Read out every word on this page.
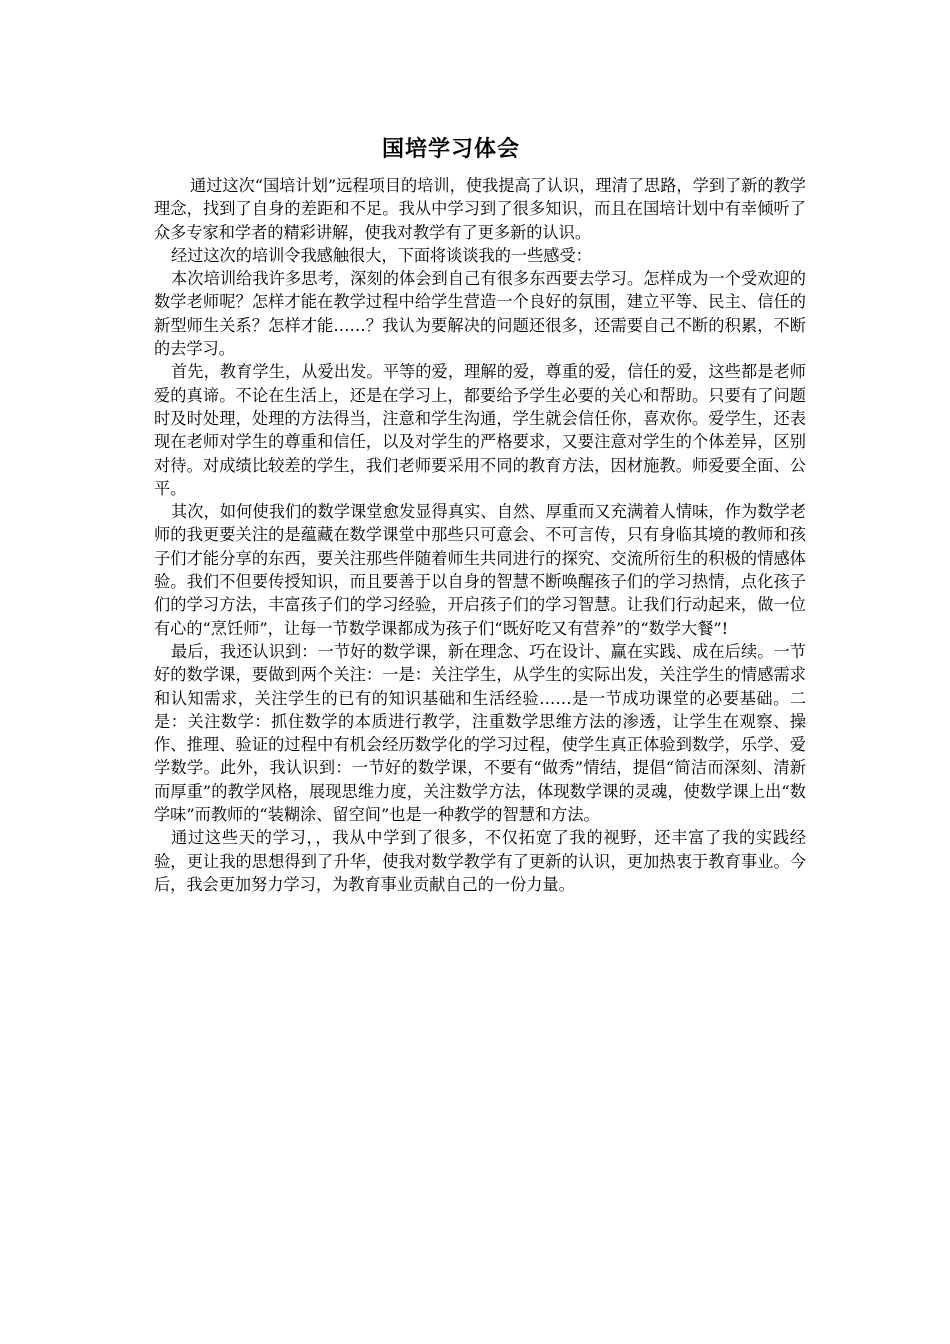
国培学习体会

通过这次“国培计划”远程项目的培训，使我提高了认识，理清了思路，学到了新的教学理念，找到了自身的差距和不足。我从中学习到了很多知识，而且在国培计划中有幸倾听了众多专家和学者的精彩讲解，使我对教学有了更多新的认识。

经过这次的培训令我感触很大，下面将谈谈我的一些感受：

本次培训给我许多思考，深刻的体会到自己有很多东西要去学习。怎样成为一个受欢迎的数学老师呢？怎样才能在教学过程中给学生营造一个良好的氛围，建立平等、民主、信任的新型师生关系？怎样才能……？我认为要解决的问题还很多，还需要自己不断的积累，不断的去学习。

首先，教育学生，从爱出发。平等的爱，理解的爱，尊重的爱，信任的爱，这些都是老师爱的真谛。不论在生活上，还是在学习上，都要给予学生必要的关心和帮助。只要有了问题时及时处理，处理的方法得当，注意和学生沟通，学生就会信任你，喜欢你。爱学生，还表现在老师对学生的尊重和信任，以及对学生的严格要求，又要注意对学生的个体差异，区别对待。对成绩比较差的学生，我们老师要采用不同的教育方法，因材施教。师爱要全面、公平。

其次，如何使我们的数学课堂愈发显得真实、自然、厚重而又充满着人情味，作为数学老师的我更要关注的是蕴藏在数学课堂中那些只可意会、不可言传，只有身临其境的教师和孩子们才能分享的东西，要关注那些伴随着师生共同进行的探究、交流所衍生的积极的情感体验。我们不但要传授知识，而且要善于以自身的智慧不断唤醒孩子们的学习热情，点化孩子们的学习方法，丰富孩子们的学习经验，开启孩子们的学习智慧。让我们行动起来，做一位有心的“烹饪师”，让每一节数学课都成为孩子们“既好吃又有营养”的“数学大餐”!

最后，我还认识到：一节好的数学课，新在理念、巧在设计、赢在实践、成在后续。一节好的数学课，要做到两个关注：一是：关注学生，从学生的实际出发，关注学生的情感需求和认知需求，关注学生的已有的知识基础和生活经验……是一节成功课堂的必要基础。二是：关注数学：抓住数学的本质进行教学，注重数学思维方法的渗透，让学生在观察、操作、推理、验证的过程中有机会经历数学化的学习过程，使学生真正体验到数学，乐学、爱学数学。此外，我认识到：一节好的数学课，不要有“做秀”情结，提倡“简洁而深刻、清新而厚重”的教学风格，展现思维力度，关注数学方法，体现数学课的灵魂，使数学课上出“数学味”而教师的“装糊涂、留空间”也是一种教学的智慧和方法。

通过这些天的学习，，我从中学到了很多，不仅拓宽了我的视野，还丰富了我的实践经验，更让我的思想得到了升华，使我对数学教学有了更新的认识，更加热衷于教育事业。今后，我会更加努力学习，为教育事业贡献自己的一份力量。
